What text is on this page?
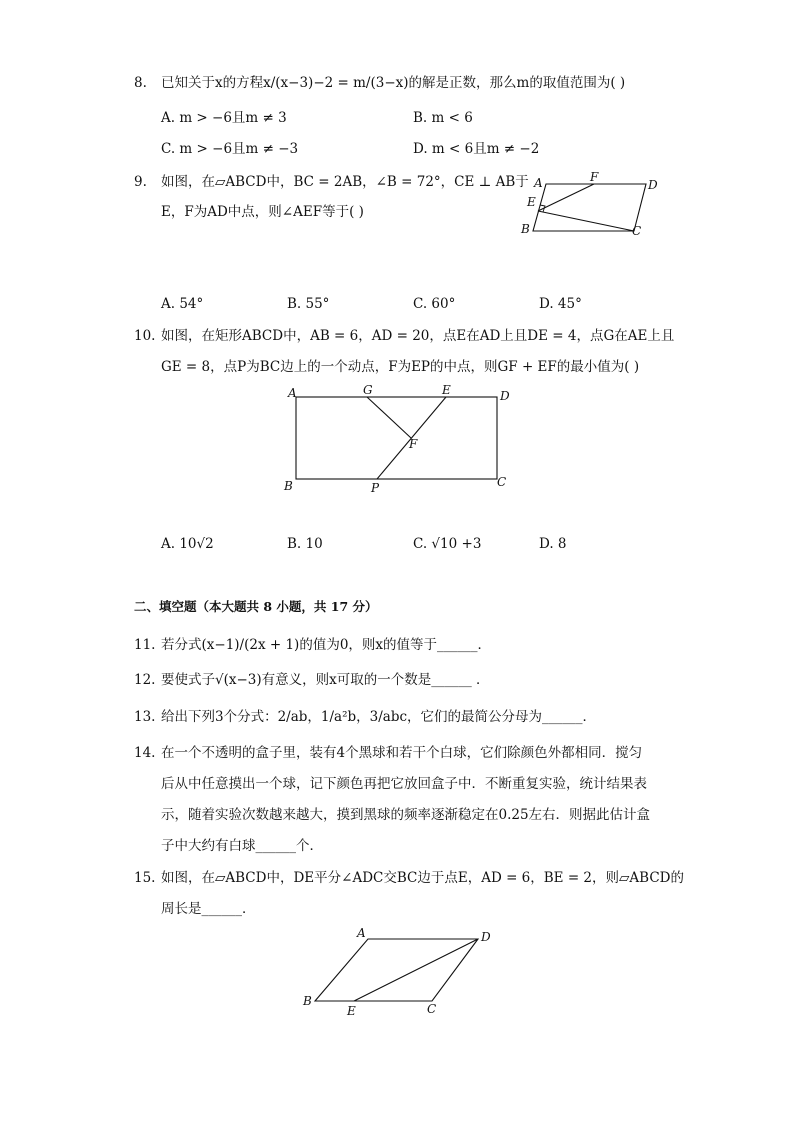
8. 已知关于x的方程x/(x−3)−2 = m/(3−x)的解是正数，那么m的取值范围为( )
A. m > −6且m ≠ 3	B. m < 6
C. m > −6且m ≠ −3	D. m < 6且m ≠ −2
9. 如图，在▱ABCD中，BC = 2AB，∠B = 72°，CE ⊥ AB于
E，F为AD中点，则∠AEF等于( )
A	F
D
E
B	C
A. 54°	B. 55°	C. 60°	D. 45°
10. 如图，在矩形ABCD中，AB = 6，AD = 20，点E在AD上且DE = 4，点G在AE上且
GE = 8，点P为BC边上的一个动点，F为EP的中点，则GF + EF的最小值为( )
A	G	E	D
F
B	P	C
A. 10√2	B. 10	C. √10 +3	D. 8
二、填空题（本大题共 8 小题，共 17 分）
11. 若分式(x−1)/(2x + 1)的值为0，则x的值等于______．
12. 要使式子√(x−3)有意义，则x可取的一个数是______ ．
13. 给出下列3个分式：2/ab，1/a²b，3/abc，它们的最简公分母为______．
14. 在一个不透明的盒子里，装有4个黑球和若干个白球，它们除颜色外都相同．搅匀
后从中任意摸出一个球，记下颜色再把它放回盒子中．不断重复实验，统计结果表
示，随着实验次数越来越大，摸到黑球的频率逐渐稳定在0.25左右．则据此估计盒
子中大约有白球______个．
15. 如图，在▱ABCD中，DE平分∠ADC交BC边于点E，AD = 6，BE = 2，则▱ABCD的
周长是______．
A	D
B
E	C
